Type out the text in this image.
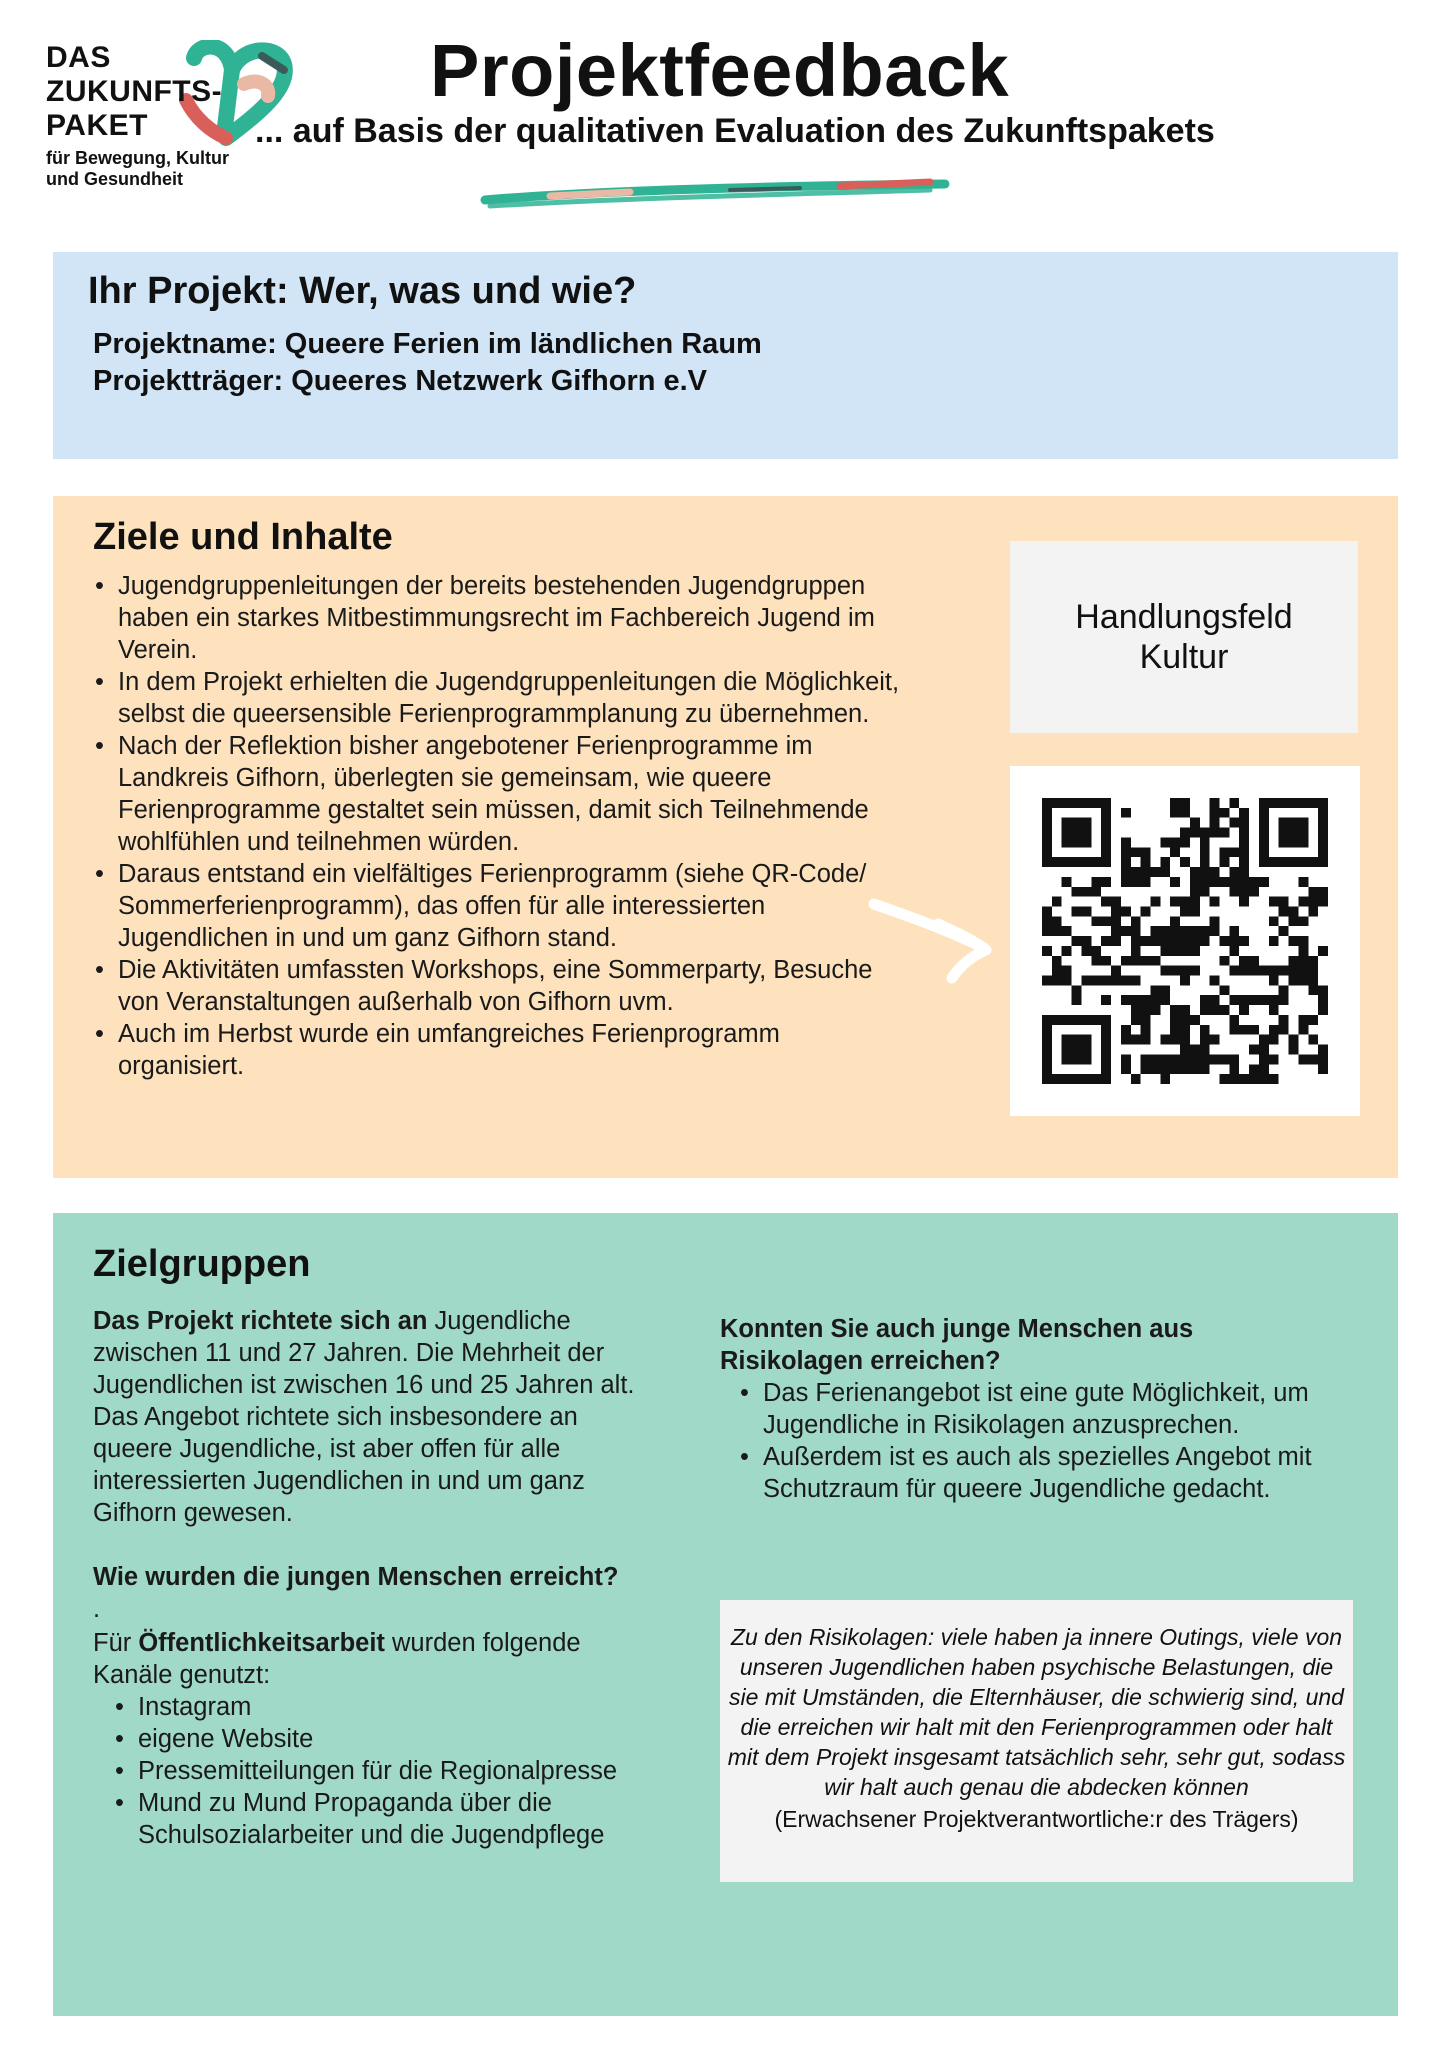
DAS
ZUKUNFTS-
PAKET
für Bewegung, Kultur
und Gesundheit
Projektfeedback

... auf Basis der qualitativen Evaluation des Zukunftspakets

Ihr Projekt: Wer, was und wie?
Projektname: Queere Ferien im ländlichen Raum
Projektträger: Queeres Netzwerk Gifhorn e.V
Ziele und Inhalte
• Jugendgruppenleitungen der bereits bestehenden Jugendgruppen haben ein starkes Mitbestimmungsrecht im Fachbereich Jugend im Verein.
• In dem Projekt erhielten die Jugendgruppenleitungen die Möglichkeit, selbst die queersensible Ferienprogrammplanung zu übernehmen.
• Nach der Reflektion bisher angebotener Ferienprogramme im Landkreis Gifhorn, überlegten sie gemeinsam, wie queere Ferienprogramme gestaltet sein müssen, damit sich Teilnehmende wohlfühlen und teilnehmen würden.
• Daraus entstand ein vielfältiges Ferienprogramm (siehe QR-Code/ Sommerferienprogramm), das offen für alle interessierten Jugendlichen in und um ganz Gifhorn stand.
• Die Aktivitäten umfassten Workshops, eine Sommerparty, Besuche von Veranstaltungen außerhalb von Gifhorn uvm.
• Auch im Herbst wurde ein umfangreiches Ferienprogramm organisiert.
Handlungsfeld
Kultur
Zielgruppen

Das Projekt richtete sich an Jugendliche zwischen 11 und 27 Jahren. Die Mehrheit der Jugendlichen ist zwischen 16 und 25 Jahren alt. Das Angebot richtete sich insbesondere an queere Jugendliche, ist aber offen für alle interessierten Jugendlichen in und um ganz Gifhorn gewesen.

Wie wurden die jungen Menschen erreicht?

.

Für Öffentlichkeitsarbeit wurden folgende Kanäle genutzt:

• Instagram
• eigene Website
• Pressemitteilungen für die Regionalpresse
• Mund zu Mund Propaganda über die Schulsozialarbeiter und die Jugendpflege

Konnten Sie auch junge Menschen aus Risikolagen erreichen?

• Das Ferienangebot ist eine gute Möglichkeit, um Jugendliche in Risikolagen anzusprechen.
• Außerdem ist es auch als spezielles Angebot mit Schutzraum für queere Jugendliche gedacht.
Zu den Risikolagen: viele haben ja innere Outings, viele von unseren Jugendlichen haben psychische Belastungen, die sie mit Umständen, die Elternhäuser, die schwierig sind, und die erreichen wir halt mit den Ferienprogrammen oder halt mit dem Projekt insgesamt tatsächlich sehr, sehr gut, sodass wir halt auch genau die abdecken können
(Erwachsener Projektverantwortliche:r des Trägers)
